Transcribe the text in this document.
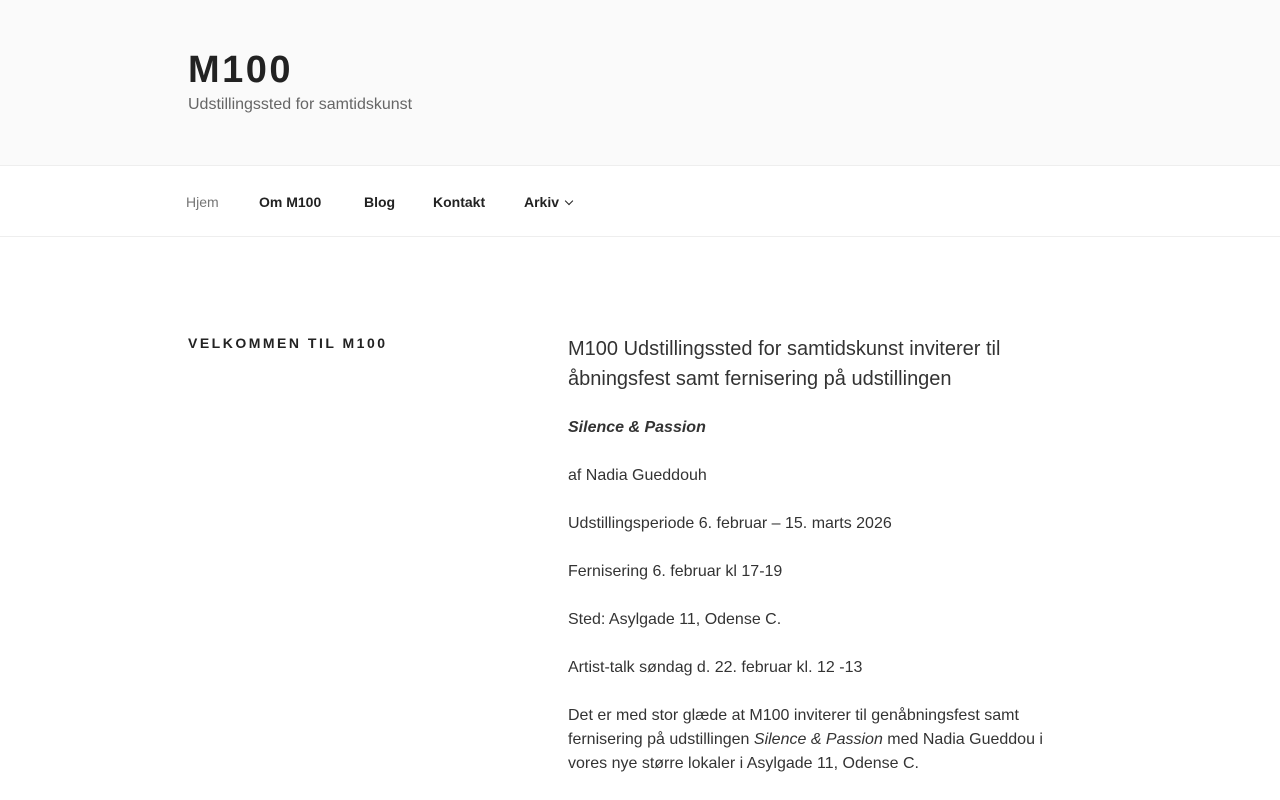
M100
Udstillingssted for samtidskunst
Hjem	Om M100	Blog	Kontakt	Arkiv
VELKOMMEN TIL M100	M100 Udstillingssted for samtidskunst inviterer til åbningsfest samt fernisering på udstillingen

Silence & Passion

af Nadia Gueddouh

Udstillingsperiode 6. februar – 15. marts 2026

Fernisering 6. februar kl 17-19

Sted: Asylgade 11, Odense C.

Artist-talk søndag d. 22. februar kl. 12 -13

Det er med stor glæde at M100 inviterer til genåbningsfest samt fernisering på udstillingen Silence & Passion med Nadia Gueddou i vores nye større lokaler i Asylgade 11, Odense C.
